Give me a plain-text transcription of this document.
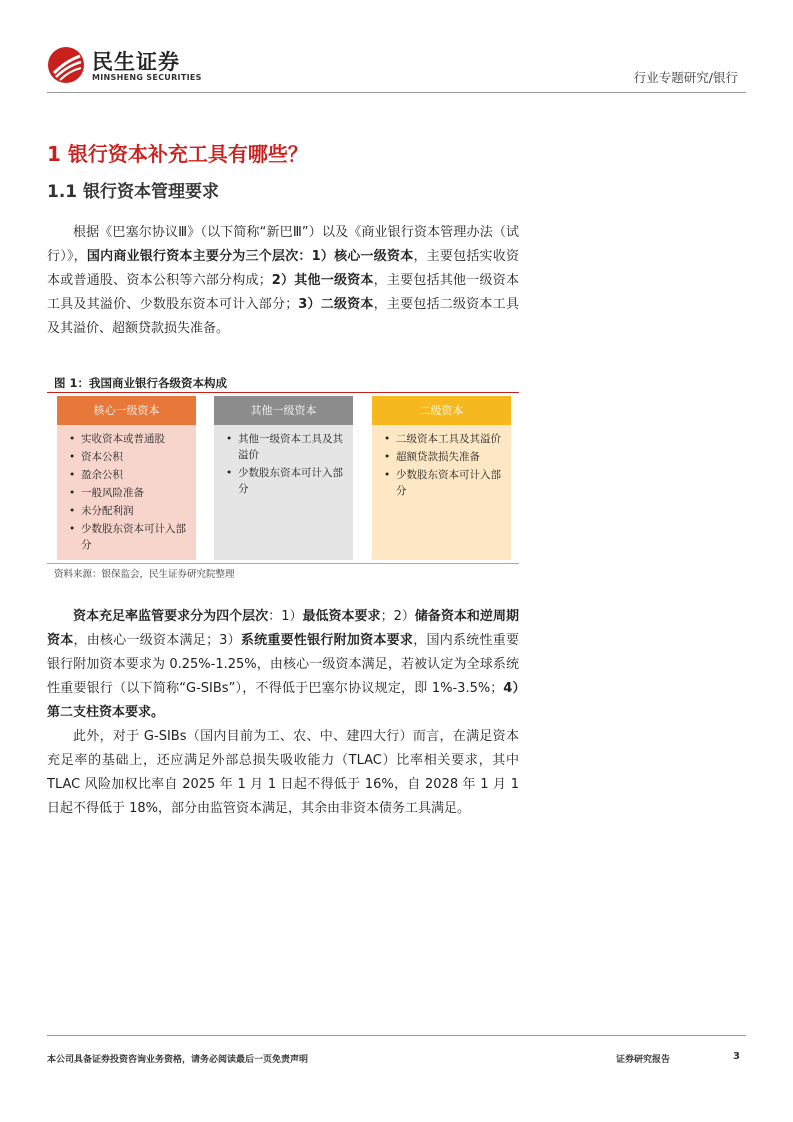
民生证券
MINSHENG SECURITIES	行业专题研究/银行
1 银行资本补充工具有哪些？
1.1 银行资本管理要求

根据《巴塞尔协议Ⅲ》（以下简称“新巴Ⅲ”）以及《商业银行资本管理办法（试行）》，国内商业银行资本主要分为三个层次：1）核心一级资本，主要包括实收资本或普通股、资本公积等六部分构成；2）其他一级资本，主要包括其他一级资本工具及其溢价、少数股东资本可计入部分；3）二级资本，主要包括二级资本工具及其溢价、超额贷款损失准备。

图 1：我国商业银行各级资本构成
核心一级资本
• 实收资本或普通股
• 资本公积
• 盈余公积
• 一般风险准备
• 未分配利润
• 少数股东资本可计入部分
其他一级资本
• 其他一级资本工具及其溢价
• 少数股东资本可计入部分
二级资本
• 二级资本工具及其溢价
• 超额贷款损失准备
• 少数股东资本可计入部分
资料来源：银保监会，民生证券研究院整理

资本充足率监管要求分为四个层次：1）最低资本要求；2）储备资本和逆周期资本，由核心一级资本满足；3）系统重要性银行附加资本要求，国内系统性重要银行附加资本要求为 0.25%-1.25%，由核心一级资本满足，若被认定为全球系统性重要银行（以下简称“G-SIBs”），不得低于巴塞尔协议规定，即 1%-3.5%；4）第二支柱资本要求。

此外，对于 G-SIBs（国内目前为工、农、中、建四大行）而言，在满足资本充足率的基础上，还应满足外部总损失吸收能力（TLAC）比率相关要求，其中 TLAC 风险加权比率自 2025 年 1 月 1 日起不得低于 16%，自 2028 年 1 月 1 日起不得低于 18%，部分由监管资本满足，其余由非资本债务工具满足。

本公司具备证券投资咨询业务资格，请务必阅读最后一页免责声明	证券研究报告	3
